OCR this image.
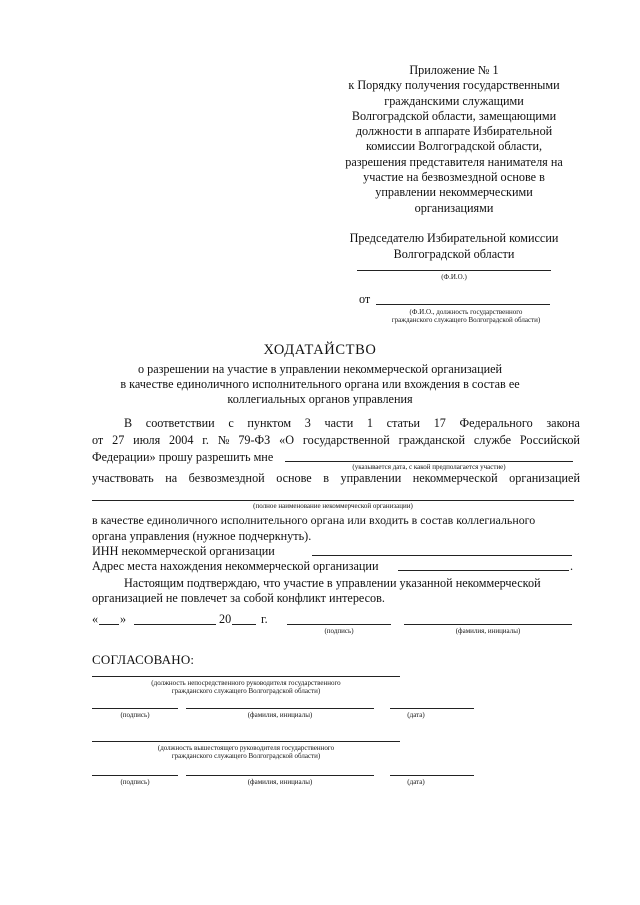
Приложение № 1
к Порядку получения государственными
гражданскими служащими
Волгоградской области, замещающими
должности в аппарате Избирательной
комиссии Волгоградской области,
разрешения представителя нанимателя на
участие на безвозмездной основе в
управлении некоммерческими
организациями
Председателю Избирательной комиссии
Волгоградской области
(Ф.И.О.)
от
(Ф.И.О., должность государственного
гражданского служащего Волгоградской области)
ХОДАТАЙСТВО
о разрешении на участие в управлении некоммерческой организацией
в качестве единоличного исполнительного органа или вхождения в состав ее
коллегиальных органов управления
В соответствии с пунктом 3 части 1 статьи 17 Федерального закона
от 27 июля 2004 г. № 79-ФЗ «О государственной гражданской службе Российской
Федерации» прошу разрешить мне
(указывается дата, с какой предполагается участие)
участвовать на безвозмездной основе в управлении некоммерческой организацией
(полное наименование некоммерческой организации)
в качестве единоличного исполнительного органа или входить в состав коллегиального
органа управления (нужное подчеркнуть).
ИНН некоммерческой организации
Адрес места нахождения некоммерческой организации	.
Настоящим подтверждаю, что участие в управлении указанной некоммерческой
организацией не повлечет за собой конфликт интересов.
« »	20 г.
(подпись)	(фамилия, инициалы)
СОГЛАСОВАНО:
(должность непосредственного руководителя государственного
гражданского служащего Волгоградской области)
(подпись)	(фамилия, инициалы)	(дата)
(должность вышестоящего руководителя государственного
гражданского служащего Волгоградской области)
(подпись)	(фамилия, инициалы)	(дата)
